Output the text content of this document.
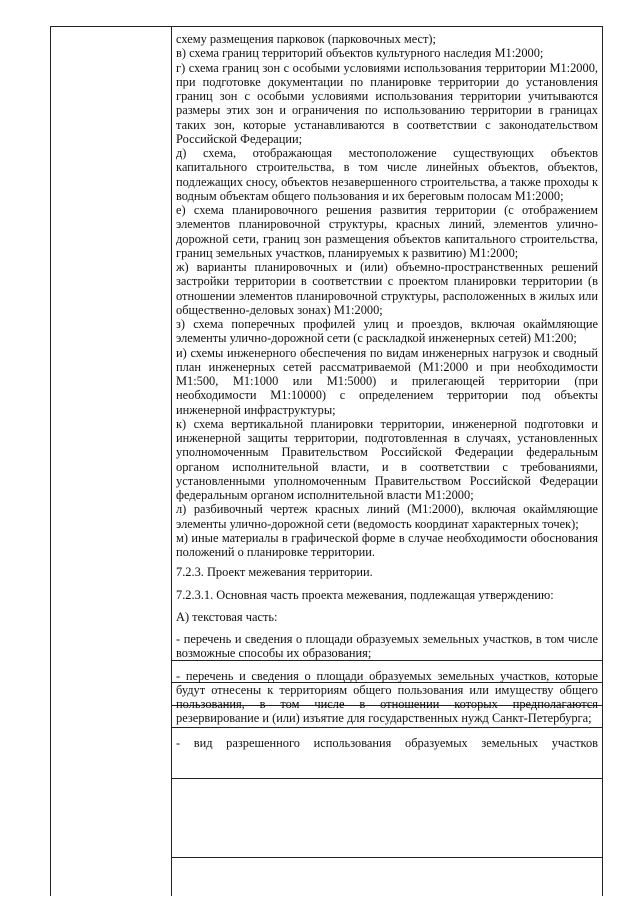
схему размещения парковок (парковочных мест);
в) схема границ территорий объектов культурного наследия М1:2000;
г) схема границ зон с особыми условиями использования территории М1:2000, при подготовке документации по планировке территории до установления границ зон с особыми условиями использования территории учитываются размеры этих зон и ограничения по использованию территории в границах таких зон, которые устанавливаются в соответствии с законодательством Российской Федерации;
д) схема, отображающая местоположение существующих объектов капитального строительства, в том числе линейных объектов, объектов, подлежащих сносу, объектов незавершенного строительства, а также проходы к водным объектам общего пользования и их береговым полосам М1:2000;
е) схема планировочного решения развития территории (с отображением элементов планировочной структуры, красных линий, элементов улично-дорожной сети, границ зон размещения объектов капитального строительства, границ земельных участков, планируемых к развитию) М1:2000;
ж) варианты планировочных и (или) объемно-пространственных решений застройки территории в соответствии с проектом планировки территории (в отношении элементов планировочной структуры, расположенных в жилых или общественно-деловых зонах) М1:2000;
з) схема поперечных профилей улиц и проездов, включая окаймляющие элементы улично-дорожной сети (с раскладкой инженерных сетей) М1:200;
и) схемы инженерного обеспечения по видам инженерных нагрузок и сводный план инженерных сетей рассматриваемой (М1:2000 и при необходимости М1:500, М1:1000 или М1:5000) и прилегающей территории (при необходимости М1:10000) с определением территории под объекты инженерной инфраструктуры;
к) схема вертикальной планировки территории, инженерной подготовки и инженерной защиты территории, подготовленная в случаях, установленных уполномоченным Правительством Российской Федерации федеральным органом исполнительной власти, и в соответствии с требованиями, установленными уполномоченным Правительством Российской Федерации федеральным органом исполнительной власти М1:2000;
л) разбивочный чертеж красных линий (М1:2000), включая окаймляющие элементы улично-дорожной сети (ведомость координат характерных точек);
м) иные материалы в графической форме в случае необходимости обоснования положений о планировке территории.
7.2.3. Проект межевания территории.
7.2.3.1. Основная часть проекта межевания, подлежащая утверждению:
А) текстовая часть:
- перечень и сведения о площади образуемых земельных участков, в том числе возможные способы их образования;
- перечень и сведения о площади образуемых земельных участков, которые будут отнесены к территориям общего пользования или имуществу общего пользования, в том числе в отношении которых предполагаются резервирование и (или) изъятие для государственных нужд Санкт-Петербурга;
- вид разрешенного использования образуемых земельных участков
